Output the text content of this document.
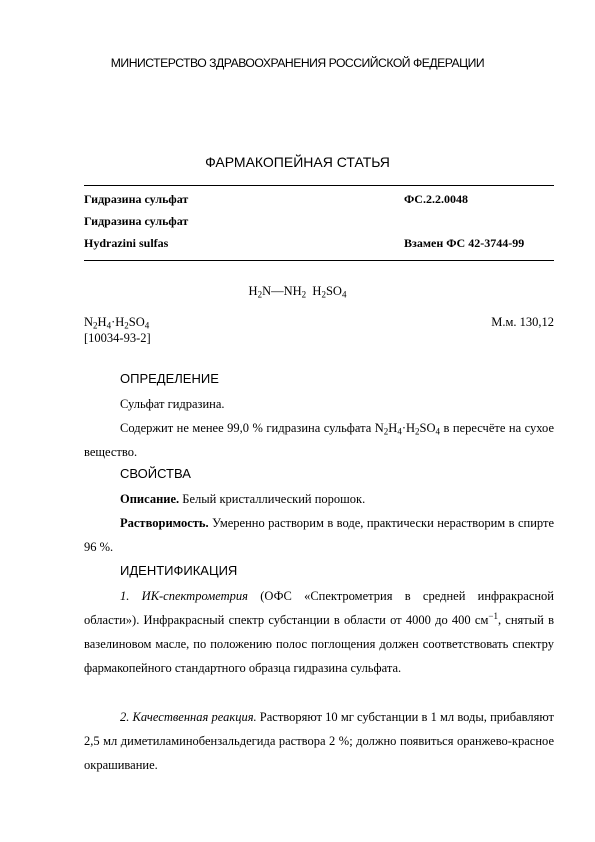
МИНИСТЕРСТВО ЗДРАВООХРАНЕНИЯ РОССИЙСКОЙ ФЕДЕРАЦИИ
ФАРМАКОПЕЙНАЯ СТАТЬЯ
Гидразина сульфат	ФС.2.2.0048
Гидразина сульфат
Hydrazini sulfas	Взамен ФС 42-3744-99
$H_2N—NH_2$  $H_2SO_4$
$N_2H_4\cdot H_2SO_4$	М.м. 130,12
[10034-93-2]
ОПРЕДЕЛЕНИЕ

Сульфат гидразина.

Содержит не менее 99,0 % гидразина сульфата $N_2H_4\cdot H_2SO_4$ в пересчёте на сухое вещество.

СВОЙСТВА

Описание. Белый кристаллический порошок.

Растворимость. Умеренно растворим в воде, практически нерастворим в спирте 96 %.

ИДЕНТИФИКАЦИЯ

1. ИК-спектрометрия (ОФС «Спектрометрия в средней инфракрасной области»). Инфракрасный спектр субстанции в области от 4000 до 400 $см^{-1}$, снятый в вазелиновом масле, по положению полос поглощения должен соответствовать спектру фармакопейного стандартного образца гидразина сульфата.

2. Качественная реакция. Растворяют 10 мг субстанции в 1 мл воды, прибавляют 2,5 мл диметиламинобензальдегида раствора 2 %; должно появиться оранжево-красное окрашивание.
